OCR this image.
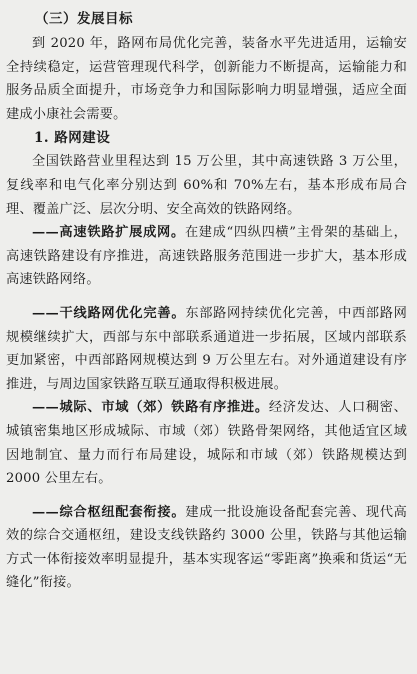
（三）发展目标

到 2020 年，路网布局优化完善，装备水平先进适用，运输安全持续稳定，运营管理现代科学，创新能力不断提高，运输能力和服务品质全面提升，市场竞争力和国际影响力明显增强，适应全面建成小康社会需要。

1. 路网建设

全国铁路营业里程达到 15 万公里，其中高速铁路 3 万公里，复线率和电气化率分别达到 60%和 70%左右，基本形成布局合理、覆盖广泛、层次分明、安全高效的铁路网络。

——高速铁路扩展成网。在建成“四纵四横”主骨架的基础上，高速铁路建设有序推进，高速铁路服务范围进一步扩大，基本形成高速铁路网络。

——干线路网优化完善。东部路网持续优化完善，中西部路网规模继续扩大，西部与东中部联系通道进一步拓展，区域内部联系更加紧密，中西部路网规模达到 9 万公里左右。对外通道建设有序推进，与周边国家铁路互联互通取得积极进展。

——城际、市域（郊）铁路有序推进。经济发达、人口稠密、城镇密集地区形成城际、市域（郊）铁路骨架网络，其他适宜区域因地制宜、量力而行布局建设，城际和市域（郊）铁路规模达到 2000 公里左右。

——综合枢纽配套衔接。建成一批设施设备配套完善、现代高效的综合交通枢纽，建设支线铁路约 3000 公里，铁路与其他运输方式一体衔接效率明显提升，基本实现客运“零距离”换乘和货运“无缝化”衔接。
